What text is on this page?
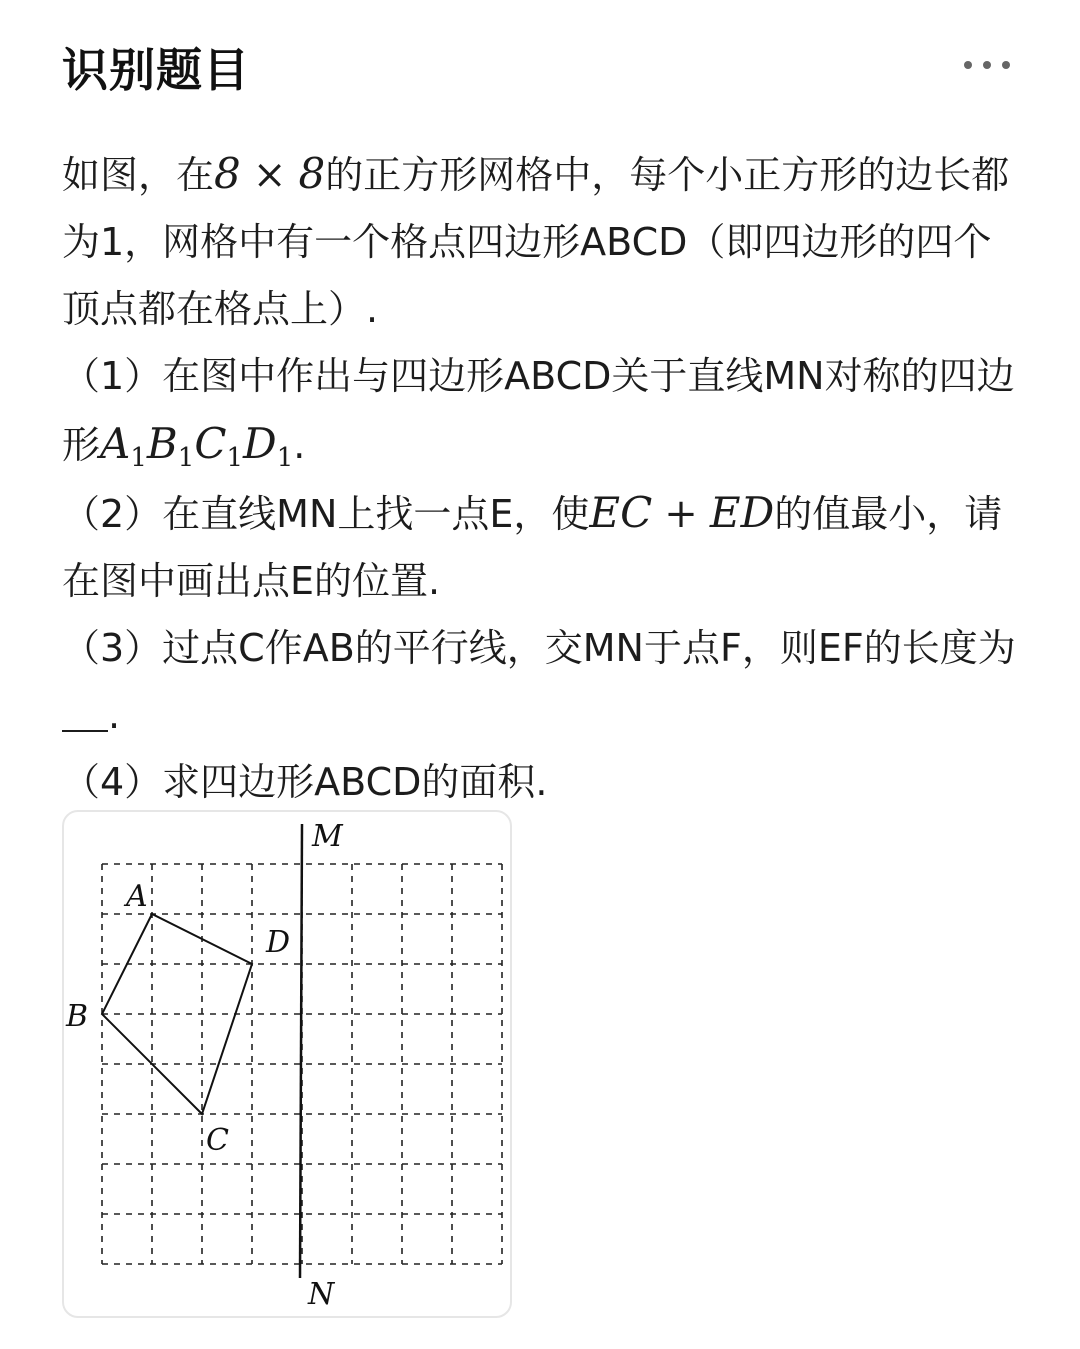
识别题目

如图，在8 × 8的正方形网格中，每个小正方形的边长都为1，网格中有一个格点四边形ABCD（即四边形的四个顶点都在格点上）.

（1）在图中作出与四边形ABCD关于直线MN对称的四边形$A_1B_1C_1D_1$.

（2）在直线MN上找一点E，使EC + ED的值最小，请在图中画出点E的位置.

（3）过点C作AB的平行线，交MN于点F，则EF的长度为.

（4）求四边形ABCD的面积.

A
B
C
D
M
N
